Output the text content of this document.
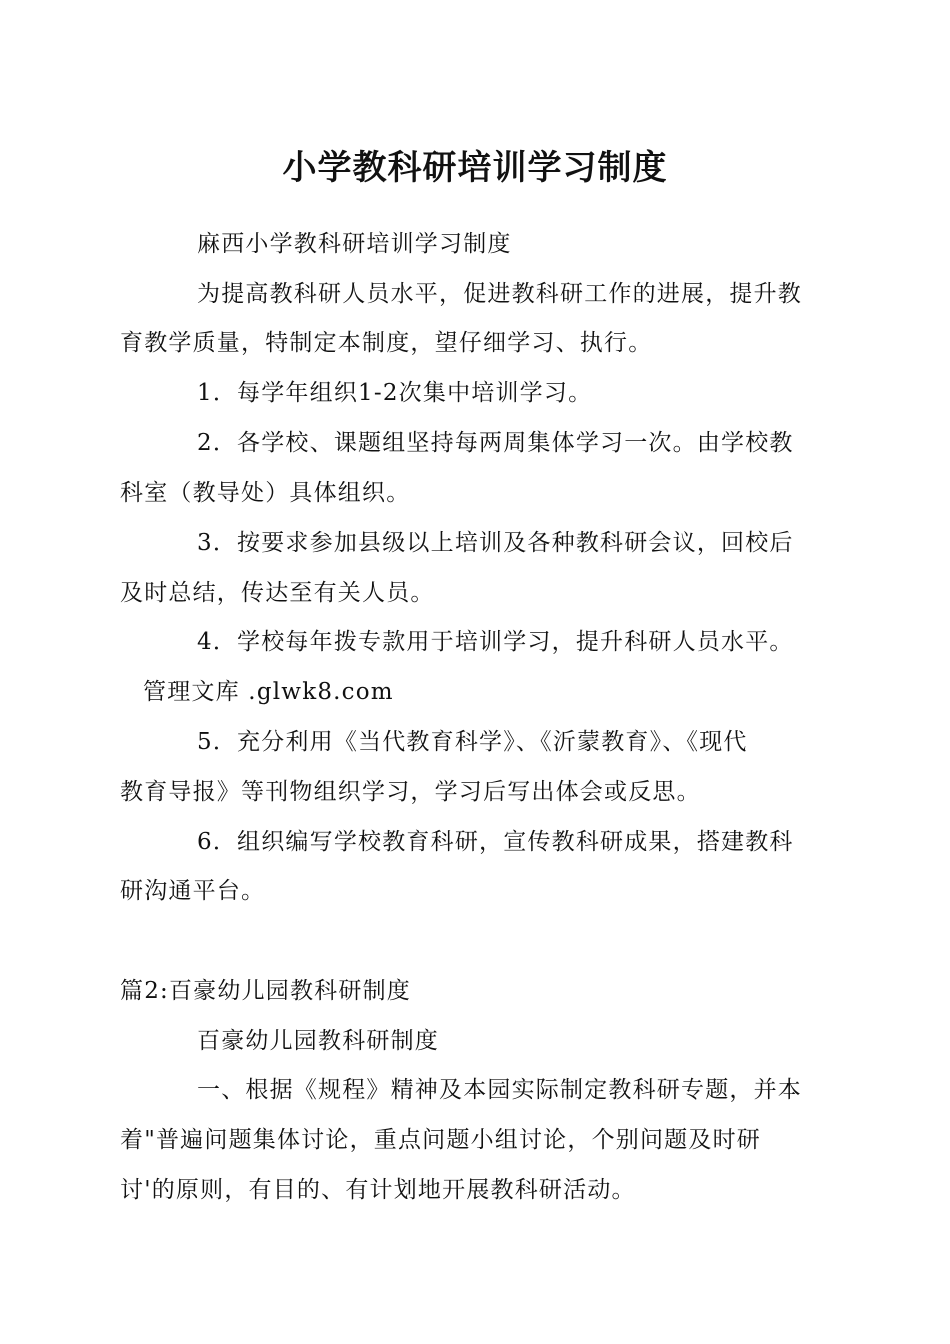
小学教科研培训学习制度
麻西小学教科研培训学习制度
为提高教科研人员水平，促进教科研工作的进展，提升教
育教学质量，特制定本制度，望仔细学习、执行。
1．每学年组织1-2次集中培训学习。
2．各学校、课题组坚持每两周集体学习一次。由学校教
科室（教导处）具体组织。
3．按要求参加县级以上培训及各种教科研会议，回校后
及时总结，传达至有关人员。
4．学校每年拨专款用于培训学习，提升科研人员水平。
管理文库 .glwk8.com
5．充分利用《当代教育科学》、《沂蒙教育》、《现代
教育导报》等刊物组织学习，学习后写出体会或反思。
6．组织编写学校教育科研，宣传教科研成果，搭建教科
研沟通平台。
篇2:百豪幼儿园教科研制度
百豪幼儿园教科研制度
一、根据《规程》精神及本园实际制定教科研专题，并本
着"普遍问题集体讨论，重点问题小组讨论，个别问题及时研
讨'的原则，有目的、有计划地开展教科研活动。
